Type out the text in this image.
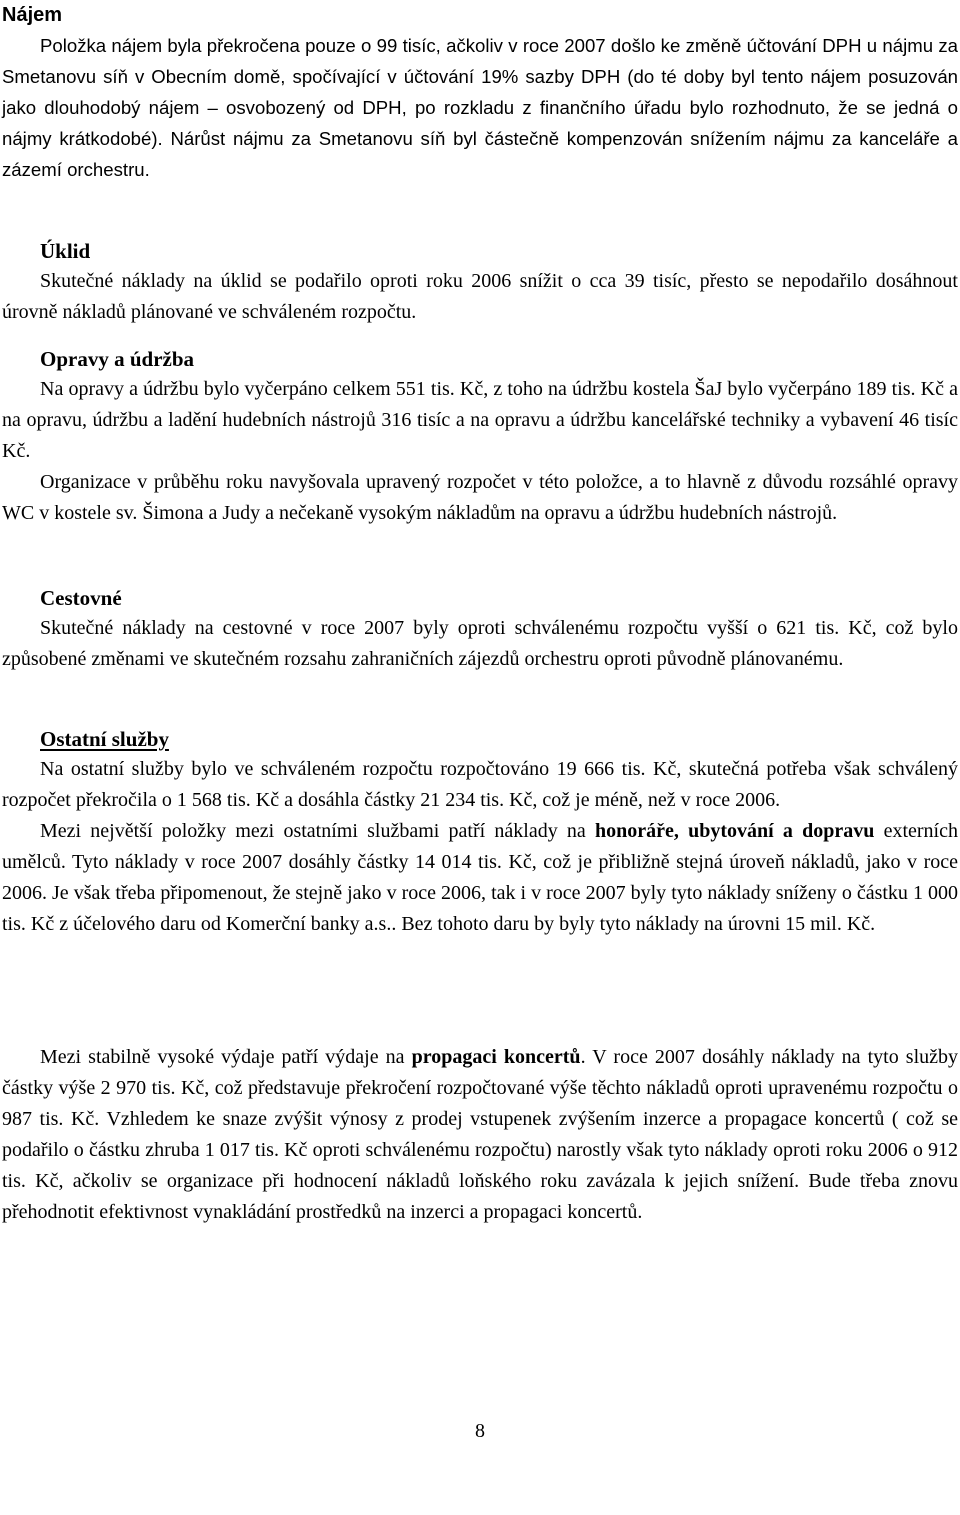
Nájem

Položka nájem byla překročena pouze o 99 tisíc, ačkoliv v roce 2007 došlo ke změně účtování DPH u nájmu za Smetanovu síň v Obecním domě, spočívající v účtování 19% sazby DPH (do té doby byl tento nájem posuzován jako dlouhodobý nájem – osvobozený od DPH, po rozkladu z finančního úřadu bylo rozhodnuto, že se jedná o nájmy krátkodobé). Nárůst nájmu za Smetanovu síň byl částečně kompenzován snížením nájmu za kanceláře a zázemí orchestru.

Úklid

Skutečné náklady na úklid se podařilo oproti roku 2006 snížit o cca 39 tisíc, přesto se nepodařilo dosáhnout úrovně nákladů plánované ve schváleném rozpočtu.

Opravy a údržba

Na opravy a údržbu bylo vyčerpáno celkem 551 tis. Kč, z toho na údržbu kostela ŠaJ bylo vyčerpáno 189 tis. Kč a na opravu, údržbu a ladění hudebních nástrojů 316 tisíc a na opravu a údržbu kancelářské techniky a vybavení 46 tisíc Kč.

Organizace v průběhu roku navyšovala upravený rozpočet v této položce, a to hlavně z důvodu rozsáhlé opravy WC v kostele sv. Šimona a Judy a nečekaně vysokým nákladům na opravu a údržbu hudebních nástrojů.

Cestovné

Skutečné náklady na cestovné v roce 2007 byly oproti schválenému rozpočtu vyšší o 621 tis. Kč, což bylo způsobené změnami ve skutečném rozsahu zahraničních zájezdů orchestru oproti původně plánovanému.

Ostatní služby

Na ostatní služby bylo ve schváleném rozpočtu rozpočtováno 19 666 tis. Kč, skutečná potřeba však schválený rozpočet překročila o 1 568 tis. Kč a dosáhla částky 21 234 tis. Kč, což je méně, než v roce 2006.

Mezi největší položky mezi ostatními službami patří náklady na honoráře, ubytování a dopravu externích umělců. Tyto náklady v roce 2007 dosáhly částky 14 014 tis. Kč, což je přibližně stejná úroveň nákladů, jako v roce 2006. Je však třeba připomenout, že stejně jako v roce 2006, tak i v roce 2007 byly tyto náklady sníženy o částku 1 000 tis. Kč z účelového daru od Komerční banky a.s.. Bez tohoto daru by byly tyto náklady na úrovni 15 mil. Kč.

Mezi stabilně vysoké výdaje patří výdaje na propagaci koncertů. V roce 2007 dosáhly náklady na tyto služby částky výše 2 970 tis. Kč, což představuje překročení rozpočtované výše těchto nákladů oproti upravenému rozpočtu o 987 tis. Kč. Vzhledem ke snaze zvýšit výnosy z prodej vstupenek zvýšením inzerce a propagace koncertů ( což se podařilo o částku zhruba 1 017 tis. Kč oproti schválenému rozpočtu) narostly však tyto náklady oproti roku 2006 o 912 tis. Kč, ačkoliv se organizace při hodnocení nákladů loňského roku zavázala k jejich snížení. Bude třeba znovu přehodnotit efektivnost vynakládání prostředků na inzerci a propagaci koncertů.

8
